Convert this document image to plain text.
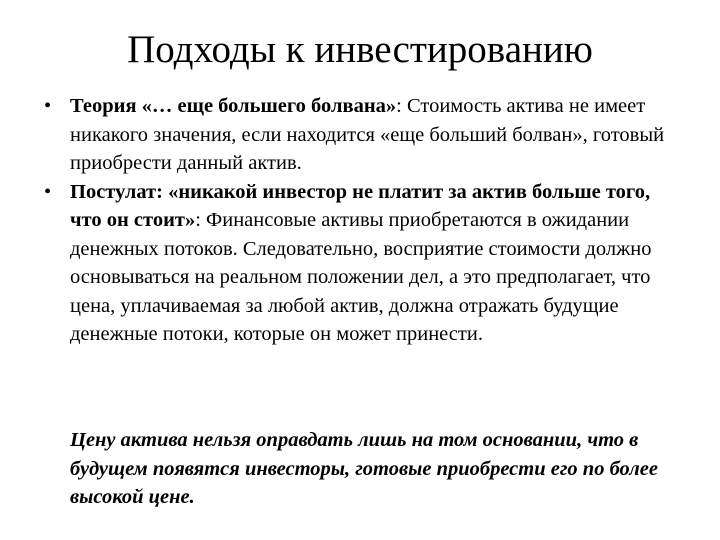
Подходы к инвестированию
• Теория «… еще большего болвана»: Стоимость актива не имеет никакого значения, если находится «еще больший болван», готовый приобрести данный актив.
• Постулат: «никакой инвестор не платит за актив больше того, что он стоит»: Финансовые активы приобретаются в ожидании денежных потоков. Следовательно, восприятие стоимости должно основываться на реальном положении дел, а это предполагает, что цена, уплачиваемая за любой актив, должна отражать будущие денежные потоки, которые он может принести.
Цену актива нельзя оправдать лишь на том основании, что в будущем появятся инвесторы, готовые приобрести его по более высокой цене.
